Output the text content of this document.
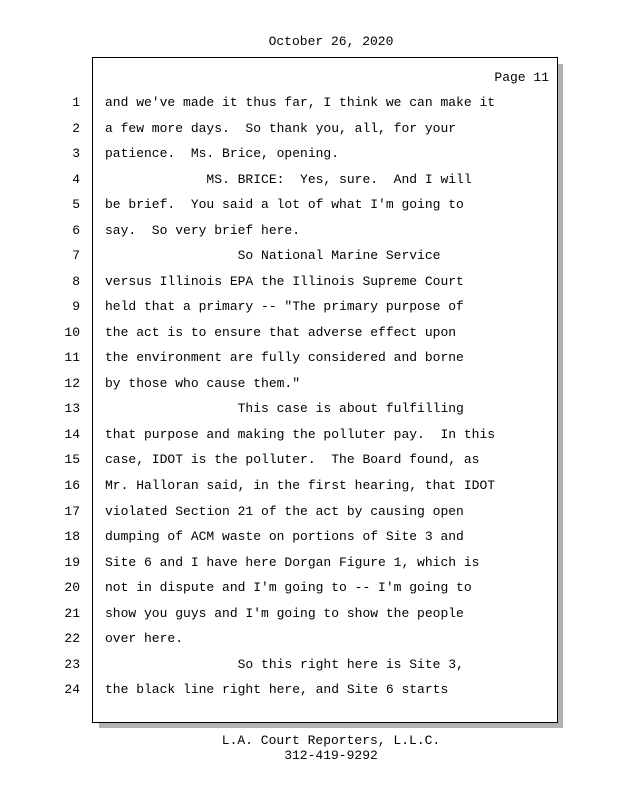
October 26, 2020
Page 11
1
2
3
4
5
6
7
8
9
10
11
12
13
14
15
16
17
18
19
20
21
22
23
24
and we've made it thus far, I think we can make it
a few more days.  So thank you, all, for your
patience.  Ms. Brice, opening.
MS. BRICE:  Yes, sure.  And I will
be brief.  You said a lot of what I'm going to
say.  So very brief here.
So National Marine Service
versus Illinois EPA the Illinois Supreme Court
held that a primary -- "The primary purpose of
the act is to ensure that adverse effect upon
the environment are fully considered and borne
by those who cause them."
This case is about fulfilling
that purpose and making the polluter pay.  In this
case, IDOT is the polluter.  The Board found, as
Mr. Halloran said, in the first hearing, that IDOT
violated Section 21 of the act by causing open
dumping of ACM waste on portions of Site 3 and
Site 6 and I have here Dorgan Figure 1, which is
not in dispute and I'm going to -- I'm going to
show you guys and I'm going to show the people
over here.
So this right here is Site 3,
the black line right here, and Site 6 starts
L.A. Court Reporters, L.L.C.
312-419-9292
